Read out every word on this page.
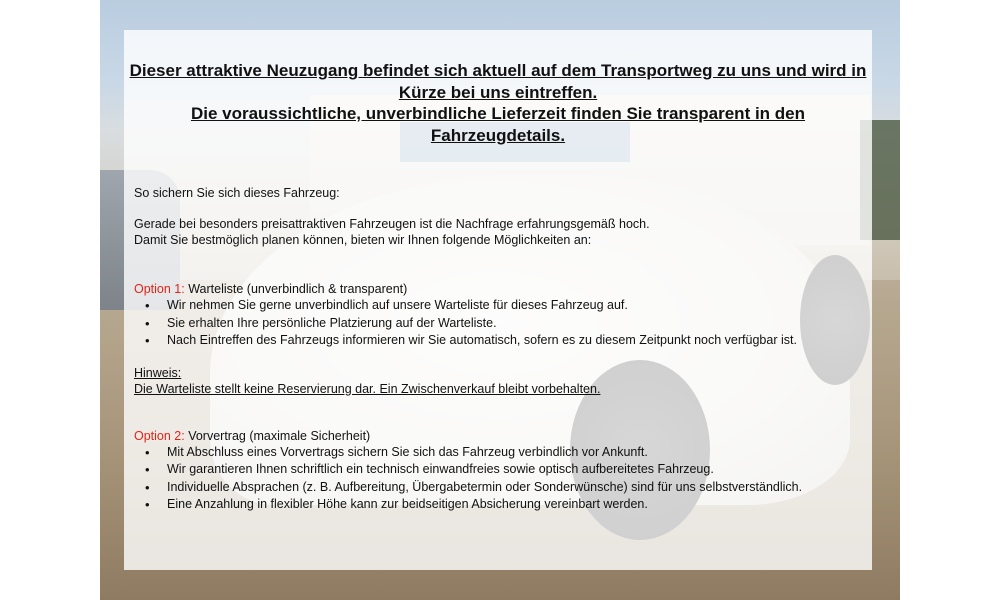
Dieser attraktive Neuzugang befindet sich aktuell auf dem Transportweg zu uns und wird in
Kürze bei uns eintreffen.
Die voraussichtliche, unverbindliche Lieferzeit finden Sie transparent in den
Fahrzeugdetails.

So sichern Sie sich dieses Fahrzeug:

Gerade bei besonders preisattraktiven Fahrzeugen ist die Nachfrage erfahrungsgemäß hoch.

Damit Sie bestmöglich planen können, bieten wir Ihnen folgende Möglichkeiten an:

Option 1: Warteliste (unverbindlich & transparent)

• Wir nehmen Sie gerne unverbindlich auf unsere Warteliste für dieses Fahrzeug auf.
• Sie erhalten Ihre persönliche Platzierung auf der Warteliste.
• Nach Eintreffen des Fahrzeugs informieren wir Sie automatisch, sofern es zu diesem Zeitpunkt noch verfügbar ist.

Hinweis:

Die Warteliste stellt keine Reservierung dar. Ein Zwischenverkauf bleibt vorbehalten.

Option 2: Vorvertrag (maximale Sicherheit)

• Mit Abschluss eines Vorvertrags sichern Sie sich das Fahrzeug verbindlich vor Ankunft.
• Wir garantieren Ihnen schriftlich ein technisch einwandfreies sowie optisch aufbereitetes Fahrzeug.
• Individuelle Absprachen (z. B. Aufbereitung, Übergabetermin oder Sonderwünsche) sind für uns selbstverständlich.
• Eine Anzahlung in flexibler Höhe kann zur beidseitigen Absicherung vereinbart werden.
